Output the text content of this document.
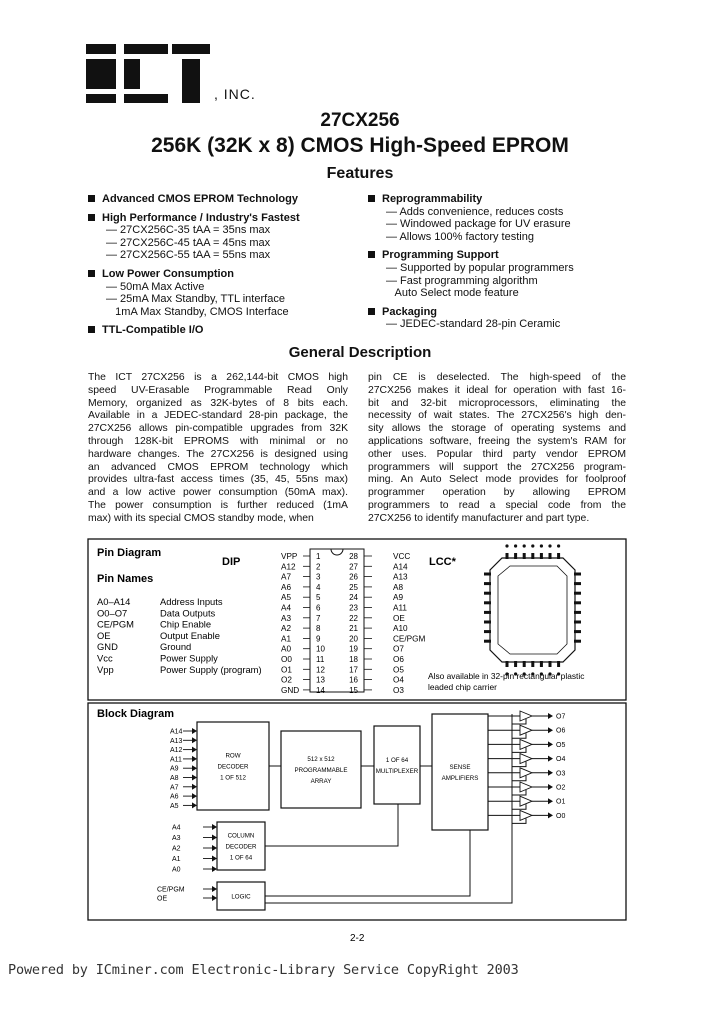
, INC.
27CX256
256K (32K x 8) CMOS High-Speed EPROM
Features
Advanced CMOS EPROM Technology
High Performance / Industry's Fastest
— 27CX256C-35 tAA = 35ns max
— 27CX256C-45 tAA = 45ns max
— 27CX256C-55 tAA = 55ns max
Low Power Consumption
— 50mA Max Active
— 25mA Max Standby, TTL interface
1mA Max Standby, CMOS Interface
TTL-Compatible I/O
Reprogrammability
— Adds convenience, reduces costs
— Windowed package for UV erasure
— Allows 100% factory testing
Programming Support
— Supported by popular programmers
— Fast programming algorithm
Auto Select mode feature
Packaging
— JEDEC-standard 28-pin Ceramic
General Description

The ICT 27CX256 is a 262,144-bit CMOS high

speed UV-Erasable Programmable Read Only

Memory, organized as 32K-bytes of 8 bits each.

Available in a JEDEC-standard 28-pin package, the

27CX256 allows pin-compatible upgrades from 32K

through 128K-bit EPROMS with minimal or no

hardware changes. The 27CX256 is designed using

an advanced CMOS EPROM technology which

provides ultra-fast access times (35, 45, 55ns max)

and a low active power consumption (50mA max).

The power consumption is further reduced (1mA

max) with its special CMOS standby mode, when

pin CE is deselected. The high-speed of the

27CX256 makes it ideal for operation with fast 16-

bit and 32-bit microprocessors, eliminating the

necessity of wait states. The 27CX256's high den-

sity allows the storage of operating systems and

applications software, freeing the system's RAM for

other uses. Popular third party vendor EPROM

programmers will support the 27CX256 program-

ming. An Auto Select mode provides for foolproof

programmer operation by allowing EPROM

programmers to read a special code from the

27CX256 to identify manufacturer and part type.

Pin Diagram
DIP	LCC*
Pin Names
A0–A14	Address Inputs
O0–O7	Data Outputs
CE/PGM	Chip Enable
OE	Output Enable
GND	Ground
Vcc	Power Supply
Vpp	Power Supply (program)
VPP 1	28	VCC
A12	2	27	A14
A7	3	26	A13
A6	4	25	A8
A5	5	24	A9
A4	6	23	A11
A3	7	22	OE
A2	8	21	A10
A1	9	20	CE/PGM
A0	10	19	O7
O0	11	18	O6
O1	12	17	O5
O2	13	16	O4
GND 14	15	O3
Also available in 32-pin rectangular plastic
leaded chip carrier
Block Diagram
A14
A13
A12
A11
A9
A8
A7
A6
A5
ROW
DECODER
1 OF 512
512 x 512
PROGRAMMABLE
ARRAY
1 OF 64
MULTIPLEXER
SENSE
AMPLIFIERS
COLUMN
DECODER
1 OF 64
LOGIC
A4
A3
A2
A1
A0
CE/PGM
OE
O7
O6
O5
O4
O3
O2
O1
O0
2-2
Powered by ICminer.com Electronic-Library Service CopyRight 2003
